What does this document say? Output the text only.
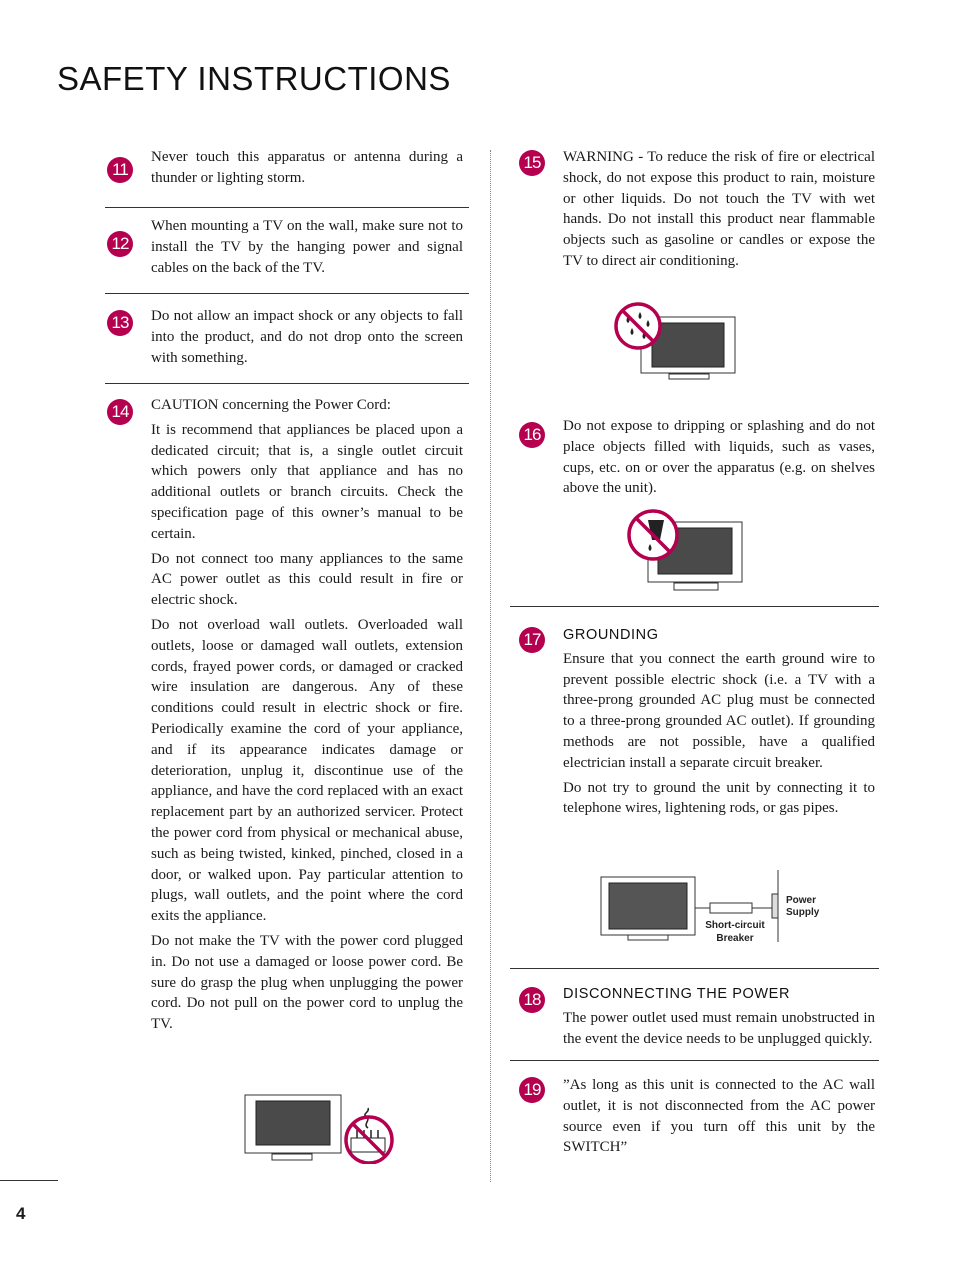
SAFETY INSTRUCTIONS
11

Never touch this apparatus or antenna during a thunder or lighting storm.

12

When mounting a TV on the wall, make sure not to install the TV by the hanging power and signal cables on the back of the TV.

13	Do not allow an impact shock or any objects to fall into the product, and do not drop onto the screen with something.

14	CAUTION concerning the Power Cord:

It is recommend that appliances be placed upon a dedicated circuit; that is, a single outlet circuit which powers only that appliance and has no additional outlets or branch circuits. Check the specification page of this owner’s manual to be certain.

Do not connect too many appliances to the same AC power outlet as this could result in fire or electric shock.

Do not overload wall outlets. Overloaded wall outlets, loose or damaged wall outlets, extension cords, frayed power cords, or damaged or cracked wire insulation are dangerous. Any of these conditions could result in electric shock or fire. Periodically examine the cord of your appliance, and if its appearance indicates damage or deterioration, unplug it, discontinue use of the appliance, and have the cord replaced with an exact replacement part by an authorized servicer. Protect the power cord from physical or mechanical abuse, such as being twisted, kinked, pinched, closed in a door, or walked upon. Pay particular attention to plugs, wall outlets, and the point where the cord exits the appliance.

Do not make the TV with the power cord plugged in. Do not use a damaged or loose power cord. Be sure do grasp the plug when unplugging the power cord. Do not pull on the power cord to unplug the TV.

15	WARNING - To reduce the risk of fire or electrical shock, do not expose this product to rain, moisture or other liquids. Do not touch the TV with wet hands. Do not install this product near flammable objects such as gasoline or candles or expose the TV to direct air conditioning.

16	Do not expose to dripping or splashing and do not place objects filled with liquids, such as vases, cups, etc. on or over the apparatus (e.g. on shelves above the unit).

17	GROUNDING

Ensure that you connect the earth ground wire to prevent possible electric shock (i.e. a TV with a three-prong grounded AC plug must be connected to a three-prong grounded AC outlet). If grounding methods are not possible, have a qualified electrician install a separate circuit breaker.

Do not try to ground the unit by connecting it to telephone wires, lightening rods, or gas pipes.

Power
Supply
Short-circuit
Breaker
18	DISCONNECTING THE POWER

The power outlet used must remain unobstructed in the event the device needs to be unplugged quickly.

19	”As long as this unit is connected to the AC wall outlet, it is not disconnected from the AC power source even if you turn off this unit by the SWITCH”

4
